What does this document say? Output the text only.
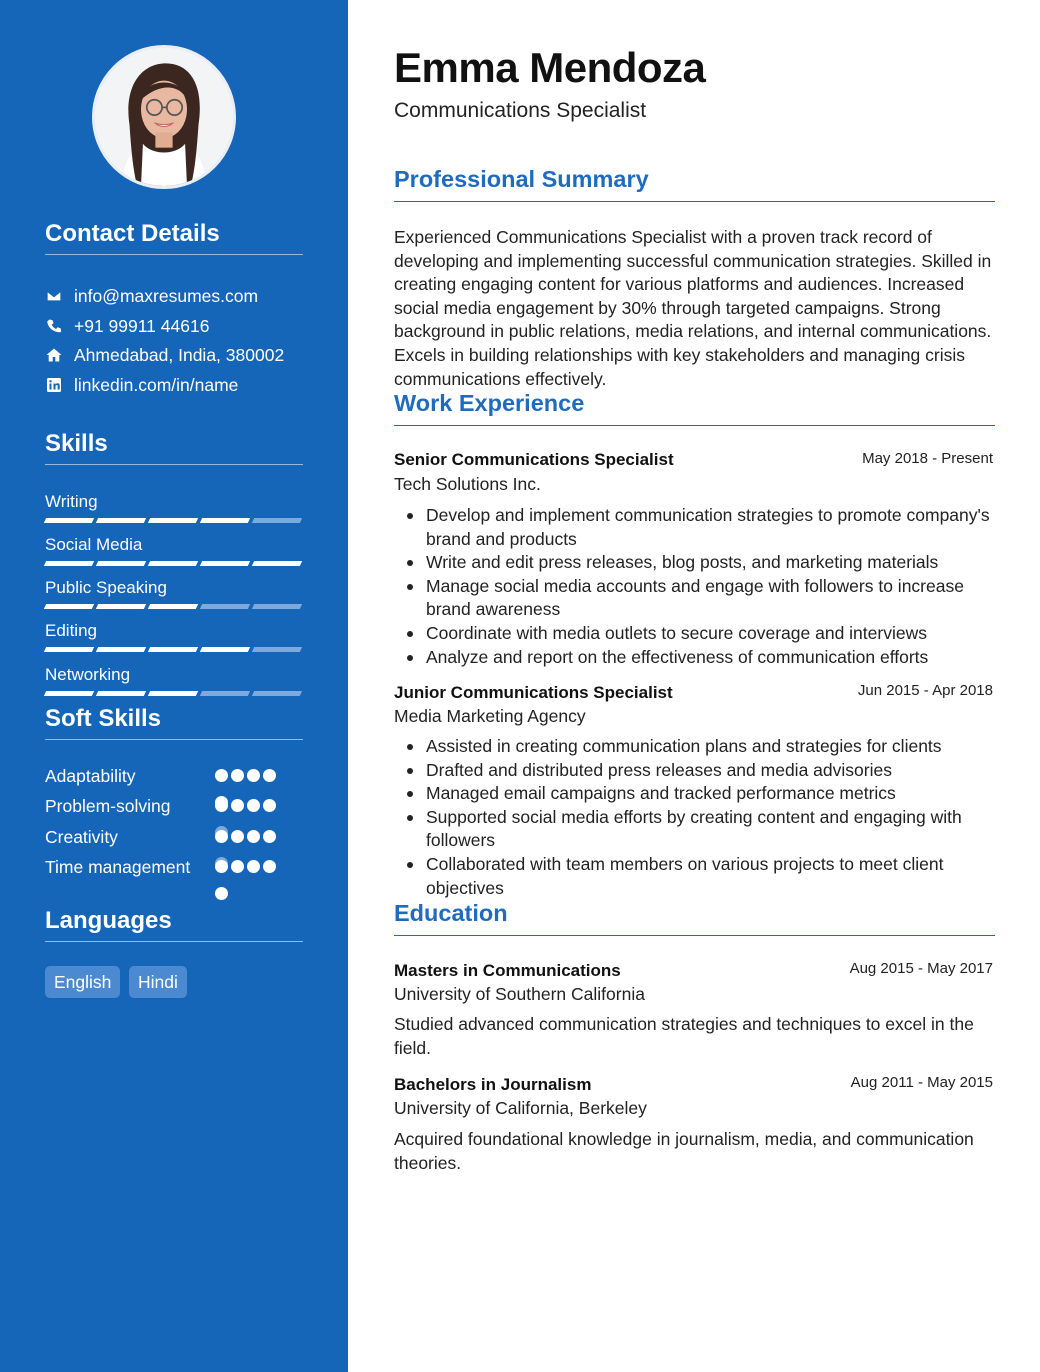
Contact Details
info@maxresumes.com
+91 99911 44616
Ahmedabad, India, 380002
linkedin.com/in/name
Skills
Writing
Social Media
Public Speaking
Editing
Networking
Soft Skills
Adaptability
Problem-solving
Creativity
Time management
Languages
English	Hindi
Emma Mendoza
Communications Specialist
Professional Summary
Experienced Communications Specialist with a proven track record of developing and implementing successful communication strategies. Skilled in creating engaging content for various platforms and audiences. Increased social media engagement by 30% through targeted campaigns. Strong background in public relations, media relations, and internal communications. Excels in building relationships with key stakeholders and managing crisis communications effectively.
Work Experience
Senior Communications Specialist	May 2018 - Present
Tech Solutions Inc.
Develop and implement communication strategies to promote company's brand and products
Write and edit press releases, blog posts, and marketing materials
Manage social media accounts and engage with followers to increase brand awareness
Coordinate with media outlets to secure coverage and interviews
Analyze and report on the effectiveness of communication efforts
Junior Communications Specialist	Jun 2015 - Apr 2018
Media Marketing Agency
Assisted in creating communication plans and strategies for clients
Drafted and distributed press releases and media advisories
Managed email campaigns and tracked performance metrics
Supported social media efforts by creating content and engaging with followers
Collaborated with team members on various projects to meet client objectives
Education
Masters in Communications	Aug 2015 - May 2017
University of Southern California
Studied advanced communication strategies and techniques to excel in the field.
Bachelors in Journalism	Aug 2011 - May 2015
University of California, Berkeley
Acquired foundational knowledge in journalism, media, and communication theories.
